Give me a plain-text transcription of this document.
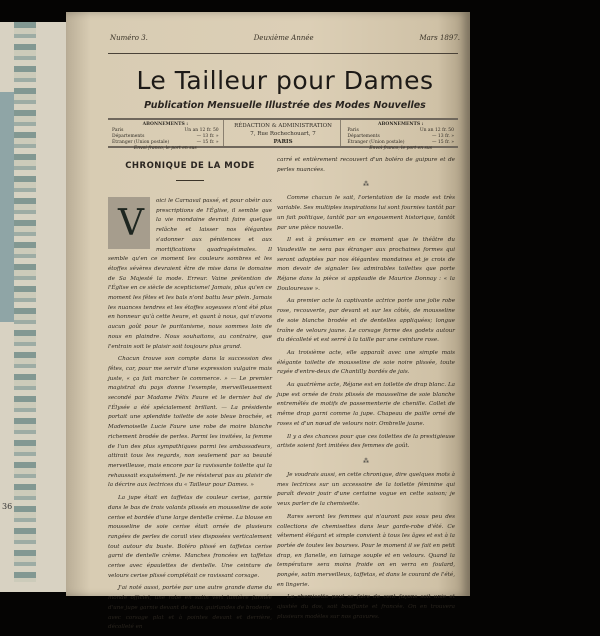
36
Numéro 3.	Deuxième Année	Mars 1897.
Le Tailleur pour Dames
Publication Mensuelle Illustrée des Modes Nouvelles
ABONNEMENTS :
Paris	Un an 12 fr. 50
Départements	— 13 fr. »
Étranger (Union postale)	— 15 fr. »
Envoi franco, le port en sus
RÉDACTION & ADMINISTRATION
7, Rue Rochechouart, 7
PARIS
ABONNEMENTS :
Paris	Un an 12 fr. 50
Départements	— 13 fr. »
Étranger (Union postale)	— 15 fr. »
Envoi franco, le port en sus
CHRONIQUE DE LA MODE
V

oici le Carnaval passé, et pour obéir aux prescriptions de l'Église, il semble que la vie mondaine devrait faire quelque relâche et laisser nos élégantes s'adonner aux pénitences et aux mortifications quadragésimales. Il semble qu'en ce moment les couleurs sombres et les étoffes sévères devraient être de mise dans le domaine de Sa Majesté la mode. Erreur. Vaine prétention de l'Église en ce siècle de scepticisme! Jamais, plus qu'en ce moment les fêtes et les bals n'ont battu leur plein. Jamais les nuances tendres et les étoffes soyeuses n'ont été plus en honneur qu'à cette heure, et quant à nous, qui n'avons aucun goût pour le puritanisme, nous sommes loin de nous en plaindre. Nous souhaitons, au contraire, que l'entrain soit le plaisir soit toujours plus grand.

Chacun trouve son compte dans la succession des fêtes, car, pour me servir d'une expression vulgaire mais juste, « ça fait marcher le commerce. » — Le premier magistrat du pays donne l'exemple, merveilleusement secondé par Madame Félix Faure et le dernier bal de l'Élysée a été spécialement brillant. — La présidente portait une splendide toilette de soie bleue brochée, et Mademoiselle Lucie Faure une robe de moire blanche richement brodée de perles. Parmi les invitées, la femme de l'un des plus sympathiques parmi les ambassadeurs, attirait tous les regards, non seulement par sa beauté merveilleuse, mais encore par la ravissante toilette qui la rehaussait exquisément. Je ne résisterai pas au plaisir de la décrire aux lectrices du « Tailleur pour Dames. »

La jupe était en taffetas de couleur cerise, garnie dans le bas de trois volants plissés en mousseline de soie cerise et bordée d'une large dentelle crème. La blouse en mousseline de soie cerise était ornée de plusieurs rangées de perles de corail vies disposées verticalement tout autour du buste. Boléro plissé en taffetas cerise garni de dentelle crème. Manches froncées en taffetas cerise avec épaulettes de dentelle. Une ceinture de velours cerise plissé complétait ce ravissant corsage.

J'ai noté aussi, portée par une autre grande dame du monde officiel, une robe en satin vert lumière formée d'une jupe garnie devant de deux guirlandes de broderie, avec corsage plat et à pointes devant et derrière, décolleté en

carré et entièrement recouvert d'un boléro de guipure et de perles nuancées.

⁂

Comme chacun le sait, l'orientation de la mode est très variable. Ses multiples inspirations lui sont fournies tantôt par un fait politique, tantôt par un engouement historique, tantôt par une pièce nouvelle.

Il est à présumer en ce moment que le théâtre du Vaudeville ne sera pas étranger aux prochaines formes qui seront adoptées par nos élégantes mondaines et je crois de mon devoir de signaler les admirables toilettes que porte Réjane dans la pièce si applaudie de Maurice Donnay : « la Douloureuse ».

Au premier acte la captivante actrice porte une jolie robe rose, recouverte, par devant et sur les côtés, de mousseline de soie blanche brodée et de dentelles appliquées; longue traîne de velours jaune. Le corsage forme des godets autour du décolleté et est serré à la taille par une ceinture rose.

Au troisième acte, elle apparaît avec une simple mais élégante toilette de mousseline de soie noire plissée, toute rayée d'entre-deux de Chantilly bordés de jais.

Au quatrième acte, Réjane est en toilette de drap blanc. La jupe est ornée de trois plissés de mousseline de soie blanche entremêlés de motifs de passementerie de chenille. Collet de même drap garni comme la jupe. Chapeau de paille orné de roses et d'un nœud de velours noir. Ombrelle jaune.

Il y a des chances pour que ces toilettes de la prestigieuse artiste soient fort imitées des femmes de goût.

⁂

Je voudrais aussi, en cette chronique, dire quelques mots à mes lectrices sur un accessoire de la toilette féminine qui paraît devoir jouir d'une certaine vogue en cette saison; je veux parler de la chemisette.

Rares seront les femmes qui n'auront pas sous peu des collections de chemisettes dans leur garde-robe d'été. Ce vêtement élégant et simple convient à tous les âges et est à la portée de toutes les bourses. Pour le moment il se fait en petit drap, en flanelle, en lainage souple et en velours. Quand la température sera moins froide on en verra en foulard, pongée, satin merveilleux, taffetas, et dans le courant de l'été, en lingerie.

La chemisette peut se faire de cent façons soit unie et ajustée du dos, soit bouffante et froncée. On en trouvera plusieurs modèles sur nos gravures.
